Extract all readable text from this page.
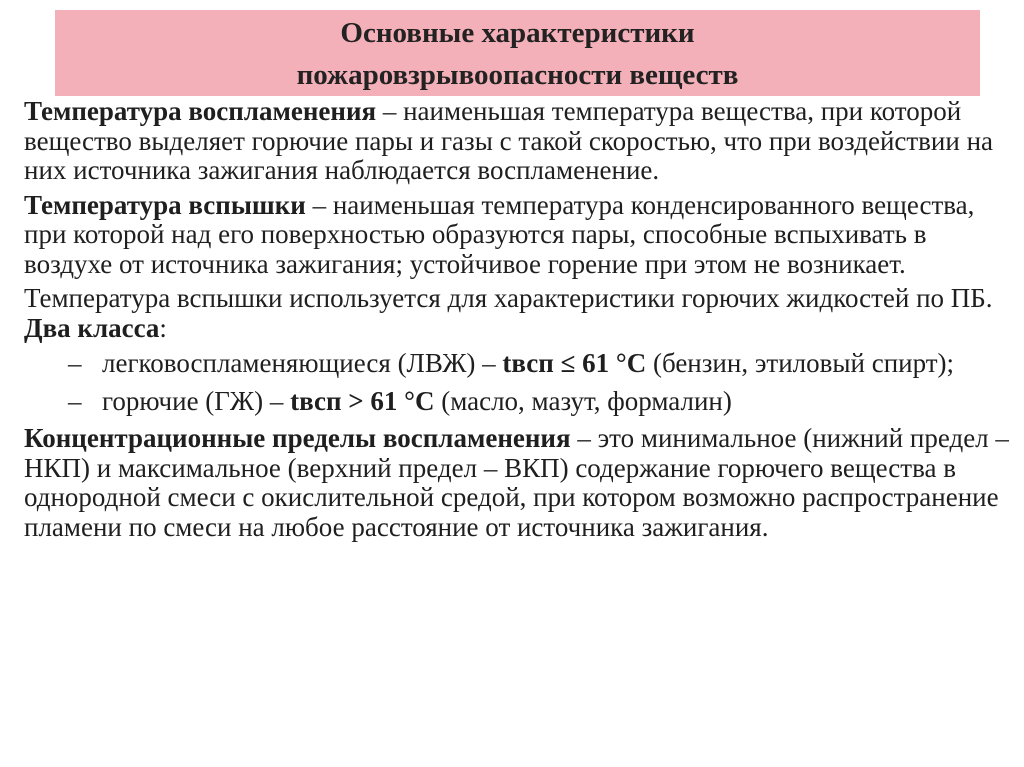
Основные характеристики
пожаровзрывоопасности веществ

Температура воспламенения – наименьшая температура вещества, при которой вещество выделяет горючие пары и газы с такой скоростью, что при воздействии на них источника зажигания наблюдается воспламенение.

Температура вспышки – наименьшая температура конденсированного вещества, при которой над его поверхностью образуются пары, способные вспыхивать в воздухе от источника зажигания; устойчивое горение при этом не возникает.

Температура вспышки используется для характеристики горючих жидкостей по ПБ. Два класса:

– легковоспламеняющиеся (ЛВЖ) – tвсп ≤ 61 °С (бензин, этиловый спирт);
– горючие (ГЖ) – tвсп > 61 °С (масло, мазут, формалин)

Концентрационные пределы воспламенения – это минимальное (нижний предел – НКП) и максимальное (верхний предел – ВКП) содержание горючего вещества в однородной смеси с окислительной средой, при котором возможно распространение пламени по смеси на любое расстояние от источника зажигания.
